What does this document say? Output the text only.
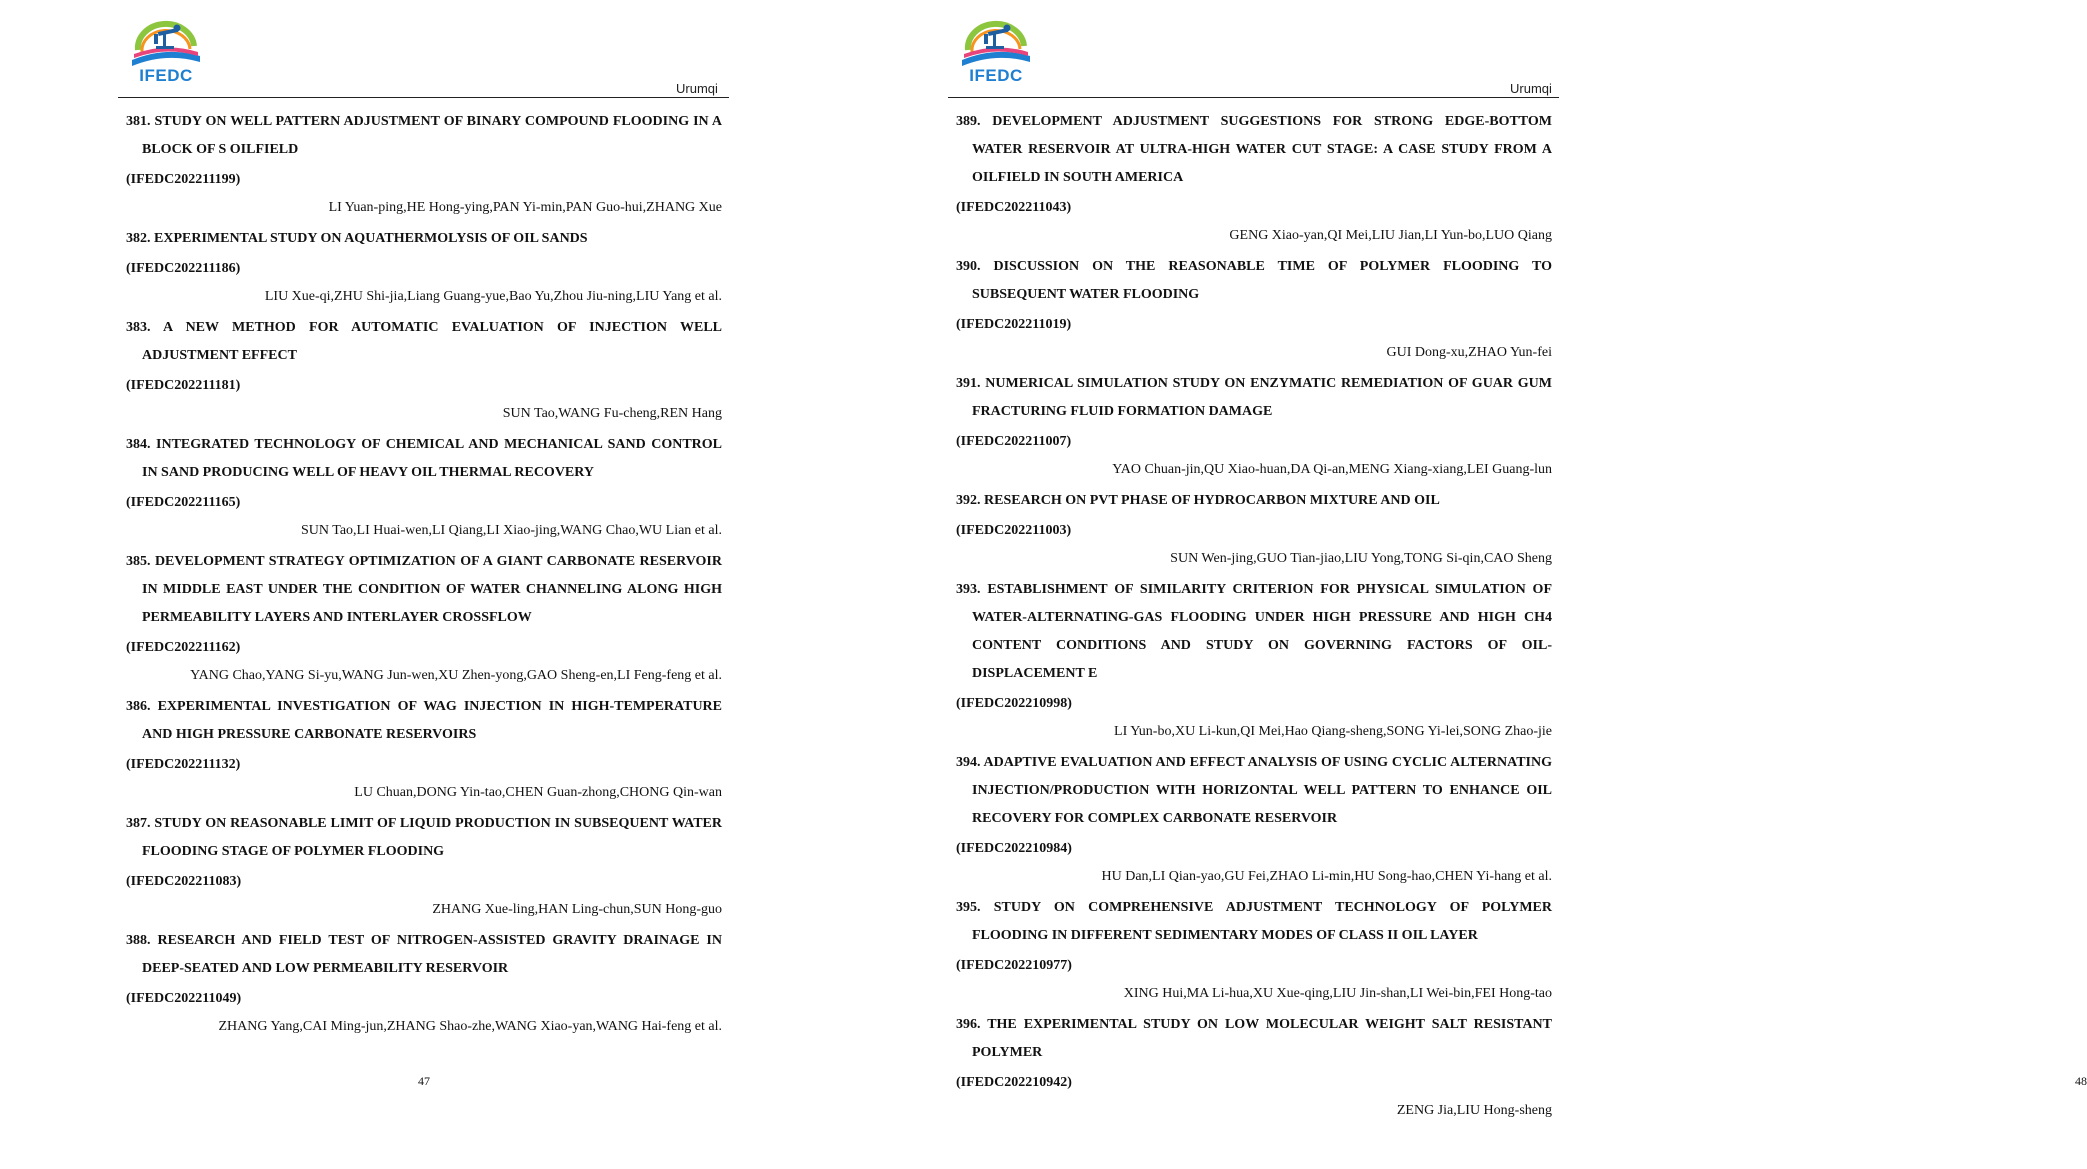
IFEDC
Urumqi

381. STUDY ON WELL PATTERN ADJUSTMENT OF BINARY COMPOUND FLOODING IN A BLOCK OF S OILFIELD

(IFEDC202211199)

LI Yuan-ping,HE Hong-ying,PAN Yi-min,PAN Guo-hui,ZHANG Xue

382. EXPERIMENTAL STUDY ON AQUATHERMOLYSIS OF OIL SANDS

(IFEDC202211186)

LIU Xue-qi,ZHU Shi-jia,Liang Guang-yue,Bao Yu,Zhou Jiu-ning,LIU Yang et al.

383. A NEW METHOD FOR AUTOMATIC EVALUATION OF INJECTION WELL ADJUSTMENT EFFECT

(IFEDC202211181)

SUN Tao,WANG Fu-cheng,REN Hang

384. INTEGRATED TECHNOLOGY OF CHEMICAL AND MECHANICAL SAND CONTROL IN SAND PRODUCING WELL OF HEAVY OIL THERMAL RECOVERY

(IFEDC202211165)

SUN Tao,LI Huai-wen,LI Qiang,LI Xiao-jing,WANG Chao,WU Lian et al.

385. DEVELOPMENT STRATEGY OPTIMIZATION OF A GIANT CARBONATE RESERVOIR IN MIDDLE EAST UNDER THE CONDITION OF WATER CHANNELING ALONG HIGH PERMEABILITY LAYERS AND INTERLAYER CROSSFLOW

(IFEDC202211162)

YANG Chao,YANG Si-yu,WANG Jun-wen,XU Zhen-yong,GAO Sheng-en,LI Feng-feng et al.

386. EXPERIMENTAL INVESTIGATION OF WAG INJECTION IN HIGH-TEMPERATURE AND HIGH PRESSURE CARBONATE RESERVOIRS

(IFEDC202211132)

LU Chuan,DONG Yin-tao,CHEN Guan-zhong,CHONG Qin-wan

387. STUDY ON REASONABLE LIMIT OF LIQUID PRODUCTION IN SUBSEQUENT WATER FLOODING STAGE OF POLYMER FLOODING

(IFEDC202211083)

ZHANG Xue-ling,HAN Ling-chun,SUN Hong-guo

388. RESEARCH AND FIELD TEST OF NITROGEN-ASSISTED GRAVITY DRAINAGE IN DEEP-SEATED AND LOW PERMEABILITY RESERVOIR

(IFEDC202211049)

ZHANG Yang,CAI Ming-jun,ZHANG Shao-zhe,WANG Xiao-yan,WANG Hai-feng et al.

47
IFEDC
Urumqi

389. DEVELOPMENT ADJUSTMENT SUGGESTIONS FOR STRONG EDGE-BOTTOM WATER RESERVOIR AT ULTRA-HIGH WATER CUT STAGE: A CASE STUDY FROM A OILFIELD IN SOUTH AMERICA

(IFEDC202211043)

GENG Xiao-yan,QI Mei,LIU Jian,LI Yun-bo,LUO Qiang

390. DISCUSSION ON THE REASONABLE TIME OF POLYMER FLOODING TO SUBSEQUENT WATER FLOODING

(IFEDC202211019)

GUI Dong-xu,ZHAO Yun-fei

391. NUMERICAL SIMULATION STUDY ON ENZYMATIC REMEDIATION OF GUAR GUM FRACTURING FLUID FORMATION DAMAGE

(IFEDC202211007)

YAO Chuan-jin,QU Xiao-huan,DA Qi-an,MENG Xiang-xiang,LEI Guang-lun

392. RESEARCH ON PVT PHASE OF HYDROCARBON MIXTURE AND OIL

(IFEDC202211003)

SUN Wen-jing,GUO Tian-jiao,LIU Yong,TONG Si-qin,CAO Sheng

393. ESTABLISHMENT OF SIMILARITY CRITERION FOR PHYSICAL SIMULATION OF WATER-ALTERNATING-GAS FLOODING UNDER HIGH PRESSURE AND HIGH CH4 CONTENT CONDITIONS AND STUDY ON GOVERNING FACTORS OF OIL-DISPLACEMENT E

(IFEDC202210998)

LI Yun-bo,XU Li-kun,QI Mei,Hao Qiang-sheng,SONG Yi-lei,SONG Zhao-jie

394. ADAPTIVE EVALUATION AND EFFECT ANALYSIS OF USING CYCLIC ALTERNATING INJECTION/PRODUCTION WITH HORIZONTAL WELL PATTERN TO ENHANCE OIL RECOVERY FOR COMPLEX CARBONATE RESERVOIR

(IFEDC202210984)

HU Dan,LI Qian-yao,GU Fei,ZHAO Li-min,HU Song-hao,CHEN Yi-hang et al.

395. STUDY ON COMPREHENSIVE ADJUSTMENT TECHNOLOGY OF POLYMER FLOODING IN DIFFERENT SEDIMENTARY MODES OF CLASS II OIL LAYER

(IFEDC202210977)

XING Hui,MA Li-hua,XU Xue-qing,LIU Jin-shan,LI Wei-bin,FEI Hong-tao

396. THE EXPERIMENTAL STUDY ON LOW MOLECULAR WEIGHT SALT RESISTANT POLYMER

(IFEDC202210942)

ZENG Jia,LIU Hong-sheng

48
